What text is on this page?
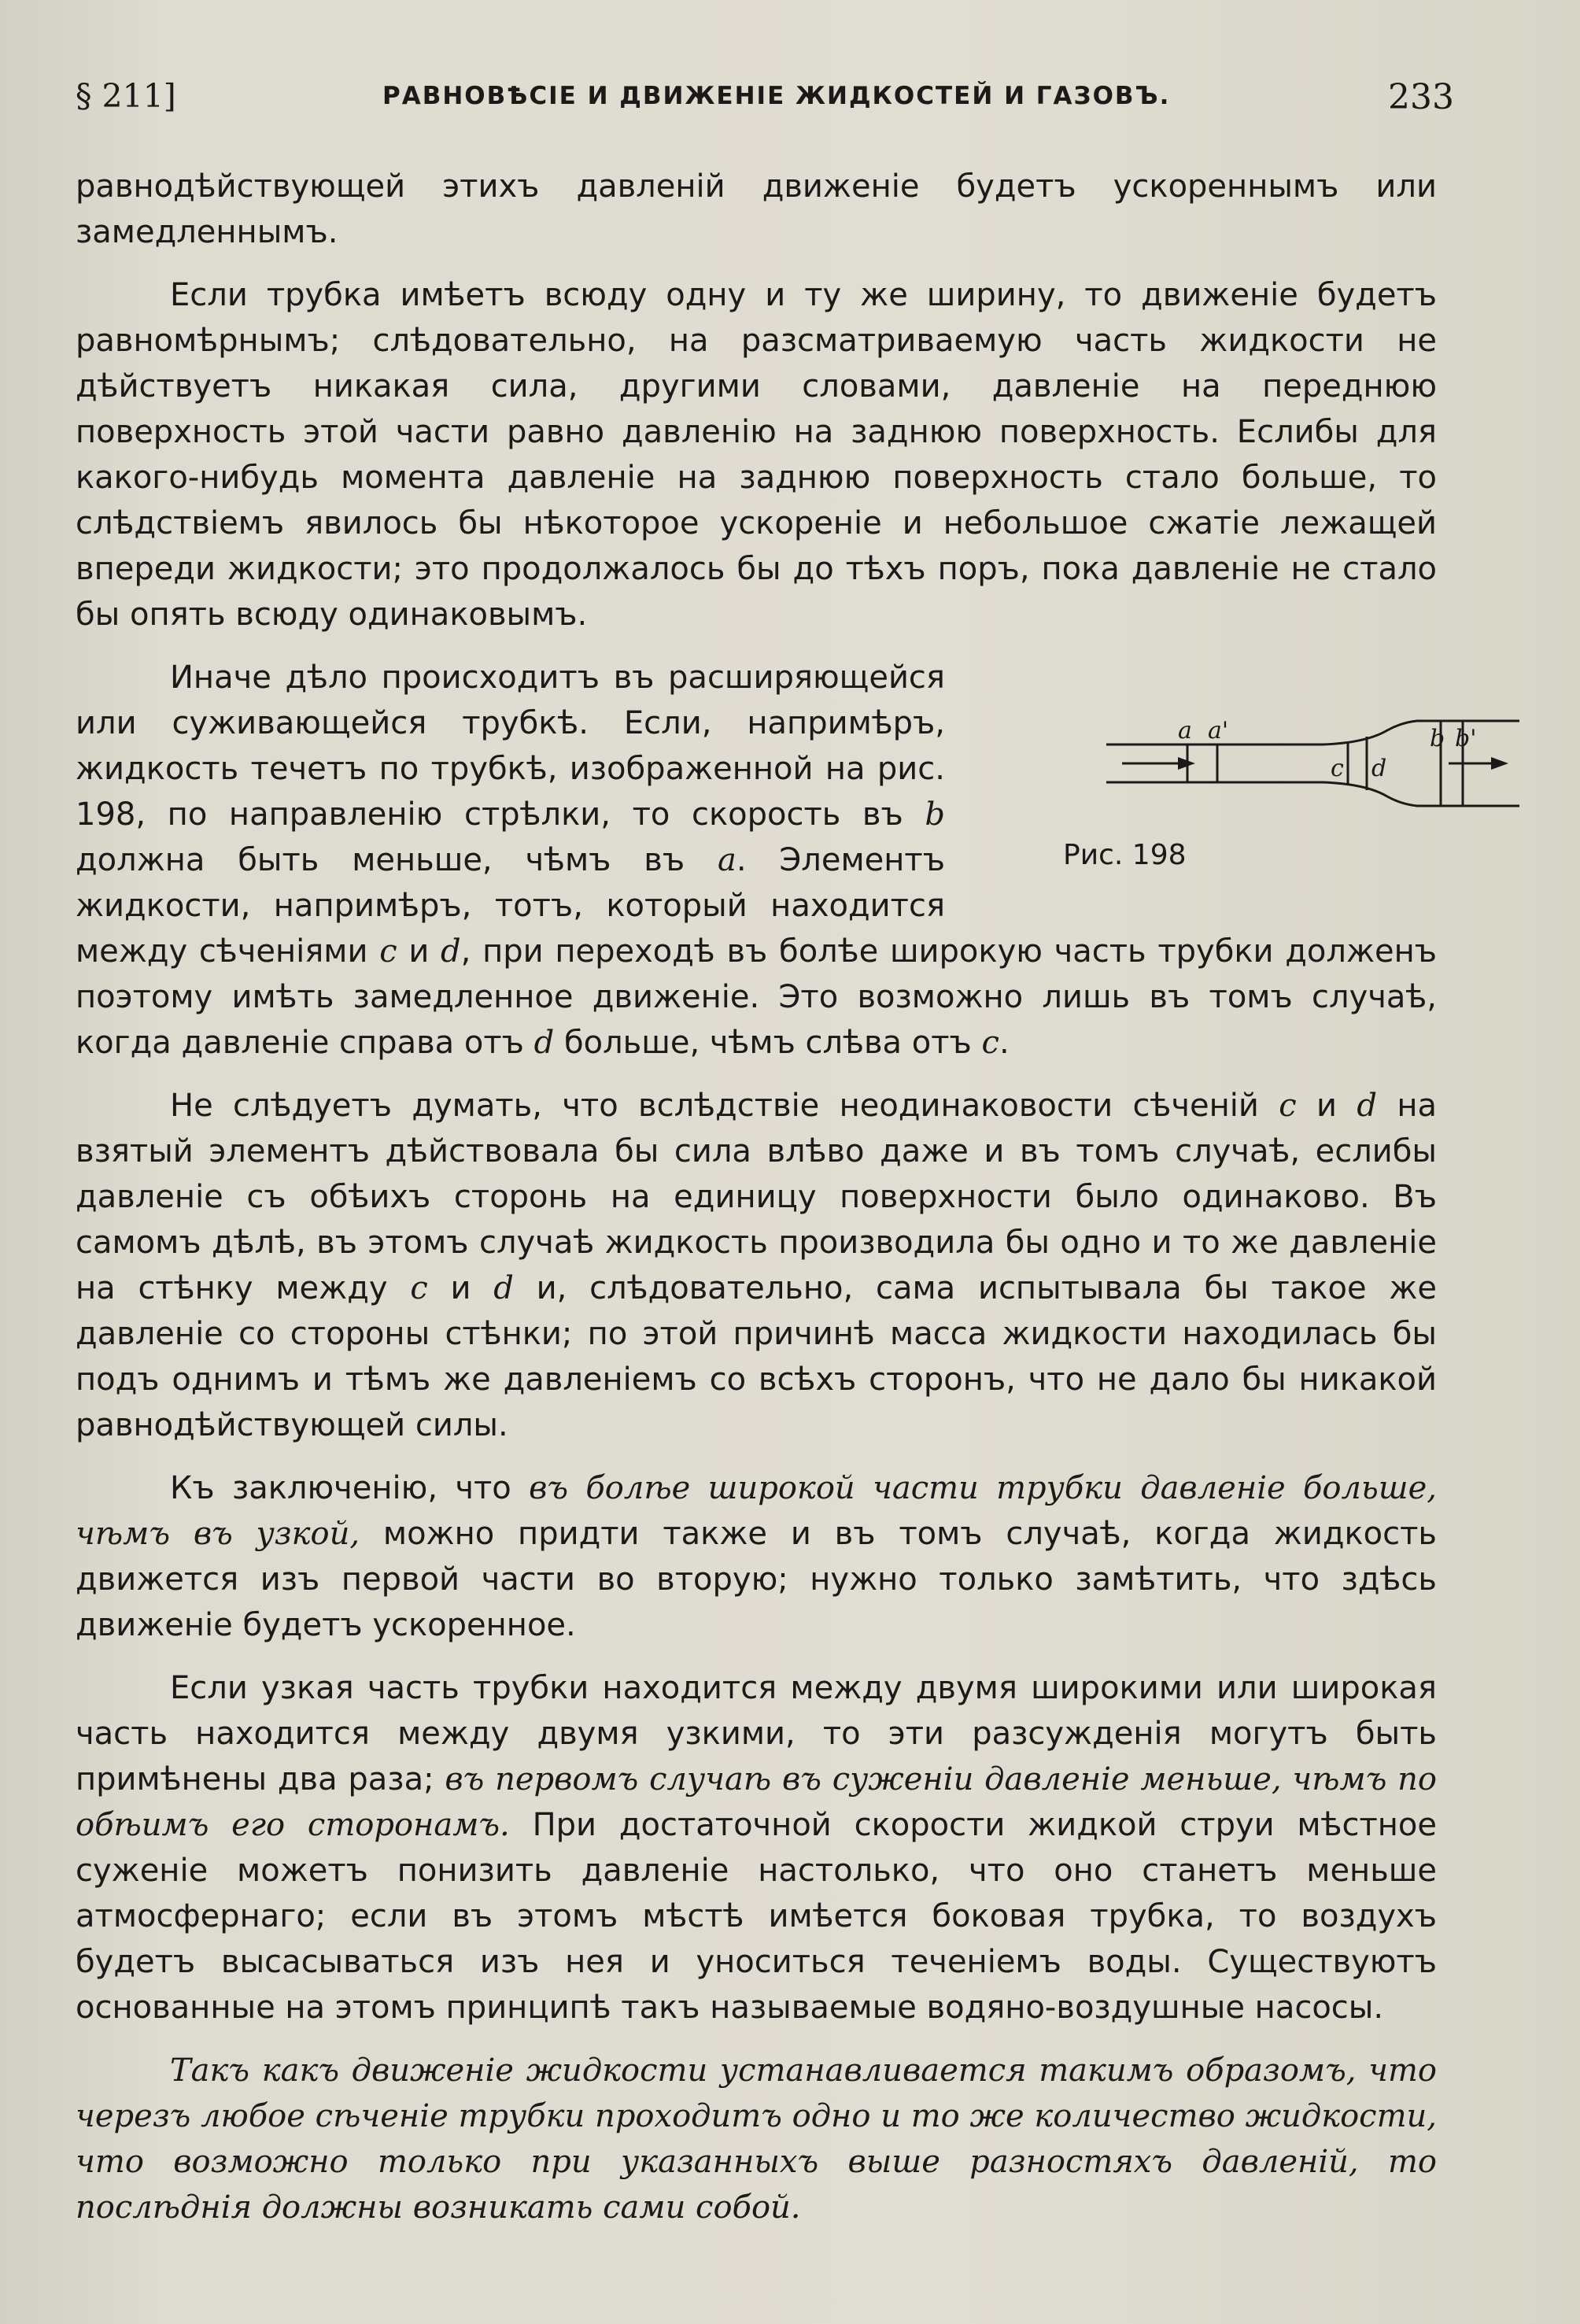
§ 211]	РАВНОВѢСІЕ И ДВИЖЕНІЕ ЖИДКОСТЕЙ И ГАЗОВЪ.	233

равнодѣйствующей этихъ давленій движеніе будетъ ускореннымъ или замедленнымъ.

Если трубка имѣетъ всюду одну и ту же ширину, то движеніе будетъ равномѣрнымъ; слѣдовательно, на разсматриваемую часть жидкости не дѣйствуетъ никакая сила, другими словами, давленіе на переднюю поверхность этой части равно давленію на заднюю поверхность. Еслибы для какого-нибудь момента давленіе на заднюю поверхность стало больше, то слѣдствіемъ явилось бы нѣкоторое ускореніе и небольшое сжатіе лежащей впереди жидкости; это продолжалось бы до тѣхъ поръ, пока давленіе не стало бы опять всюду одинаковымъ.

a a'
c d
b b'
Рис. 198
Иначе дѣло происходитъ въ расширяющейся или суживающейся трубкѣ. Если, напримѣръ, жидкость течетъ по трубкѣ, изображенной на рис. 198, по направленію стрѣлки, то скорость въ b должна быть меньше, чѣмъ въ a. Элементъ жидкости, напримѣръ, тотъ, который находится между сѣченіями c и d, при переходѣ въ болѣе широкую часть трубки долженъ поэтому имѣть замедленное движеніе. Это возможно лишь въ томъ случаѣ, когда давленіе справа отъ d больше, чѣмъ слѣва отъ c.

Не слѣдуетъ думать, что вслѣдствіе неодинаковости сѣченій c и d на взятый элементъ дѣйствовала бы сила влѣво даже и въ томъ случаѣ, еслибы давленіе съ обѣихъ сторонь на единицу поверхности было одинаково. Въ самомъ дѣлѣ, въ этомъ случаѣ жидкость производила бы одно и то же давленіе на стѣнку между c и d и, слѣдовательно, сама испытывала бы такое же давленіе со стороны стѣнки; по этой причинѣ масса жидкости находилась бы подъ однимъ и тѣмъ же давленіемъ со всѣхъ сторонъ, что не дало бы никакой равнодѣйствующей силы.

Къ заключенію, что въ болѣе широкой части трубки давленіе больше, чѣмъ въ узкой, можно придти также и въ томъ случаѣ, когда жидкость движется изъ первой части во вторую; нужно только замѣтить, что здѣсь движеніе будетъ ускоренное.

Если узкая часть трубки находится между двумя широкими или широкая часть находится между двумя узкими, то эти разсужденія могутъ быть примѣнены два раза; въ первомъ случаѣ въ суженіи давленіе меньше, чѣмъ по обѣимъ его сторонамъ. При достаточной скорости жидкой струи мѣстное суженіе можетъ понизить давленіе настолько, что оно станетъ меньше атмосфернаго; если въ этомъ мѣстѣ имѣется боковая трубка, то воздухъ будетъ высасываться изъ нея и уноситься теченіемъ воды. Существуютъ основанные на этомъ принципѣ такъ называемые водяно-воздушные насосы.

Такъ какъ движеніе жидкости устанавливается такимъ образомъ, что черезъ любое сѣченіе трубки проходитъ одно и то же количество жидкости, что возможно только при указанныхъ выше разностяхъ давленій, то послѣднія должны возникать сами собой.
